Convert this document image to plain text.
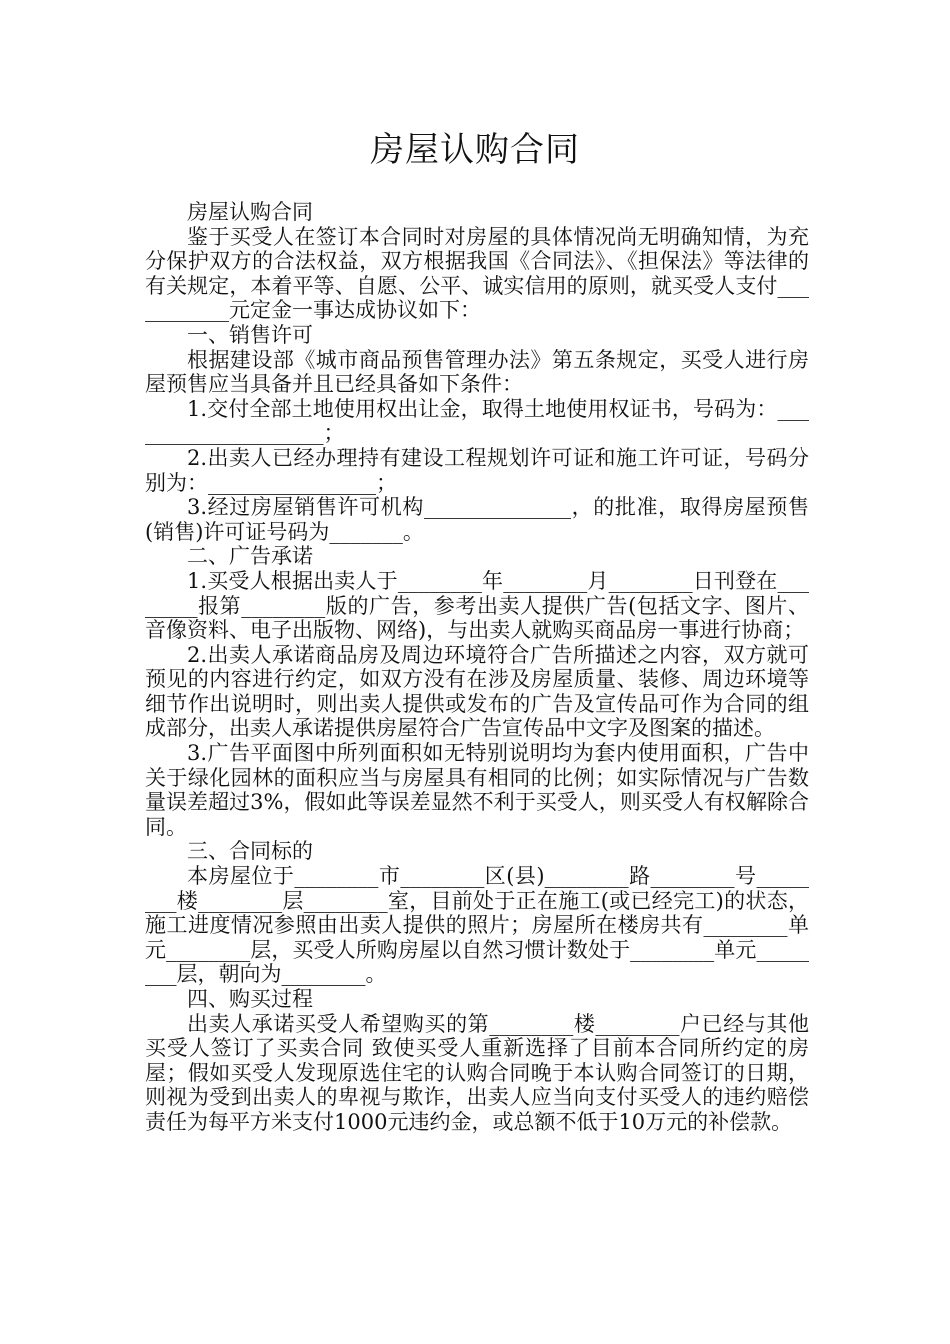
房屋认购合同

房屋认购合同

鉴于买受人在签订本合同时对房屋的具体情况尚无明确知情，为充分保护双方的合法权益，双方根据我国《合同法》、《担保法》等法律的有关规定，本着平等、自愿、公平、诚实信用的原则，就买受人支付___________元定金一事达成协议如下：

一、销售许可

根据建设部《城市商品预售管理办法》第五条规定，买受人进行房屋预售应当具备并且已经具备如下条件：

1.交付全部土地使用权出让金，取得土地使用权证书，号码为：____________________；

2.出卖人已经办理持有建设工程规划许可证和施工许可证，号码分别为：________________；

3.经过房屋销售许可机构______________，的批准，取得房屋预售(销售)许可证号码为_______。

二、广告承诺

1.买受人根据出卖人于________年________月________日刊登在________报第________版的广告，参考出卖人提供广告(包括文字、图片、音像资料、电子出版物、网络)，与出卖人就购买商品房一事进行协商；

2.出卖人承诺商品房及周边环境符合广告所描述之内容，双方就可预见的内容进行约定，如双方没有在涉及房屋质量、装修、周边环境等细节作出说明时，则出卖人提供或发布的广告及宣传品可作为合同的组成部分，出卖人承诺提供房屋符合广告宣传品中文字及图案的描述。

3.广告平面图中所列面积如无特别说明均为套内使用面积，广告中关于绿化园林的面积应当与房屋具有相同的比例；如实际情况与广告数量误差超过3%，假如此等误差显然不利于买受人，则买受人有权解除合同。

三、合同标的

本房屋位于________市________区(县)________路________号________楼________层________室，目前处于正在施工(或已经完工)的状态，施工进度情况参照由出卖人提供的照片；房屋所在楼房共有________单元________层，买受人所购房屋以自然习惯计数处于________单元________层，朝向为________。

四、购买过程

出卖人承诺买受人希望购买的第________楼________户已经与其他买受人签订了买卖合同 致使买受人重新选择了目前本合同所约定的房屋；假如买受人发现原选住宅的认购合同晚于本认购合同签订的日期，则视为受到出卖人的卑视与欺诈，出卖人应当向支付买受人的违约赔偿责任为每平方米支付1000元违约金，或总额不低于10万元的补偿款。
